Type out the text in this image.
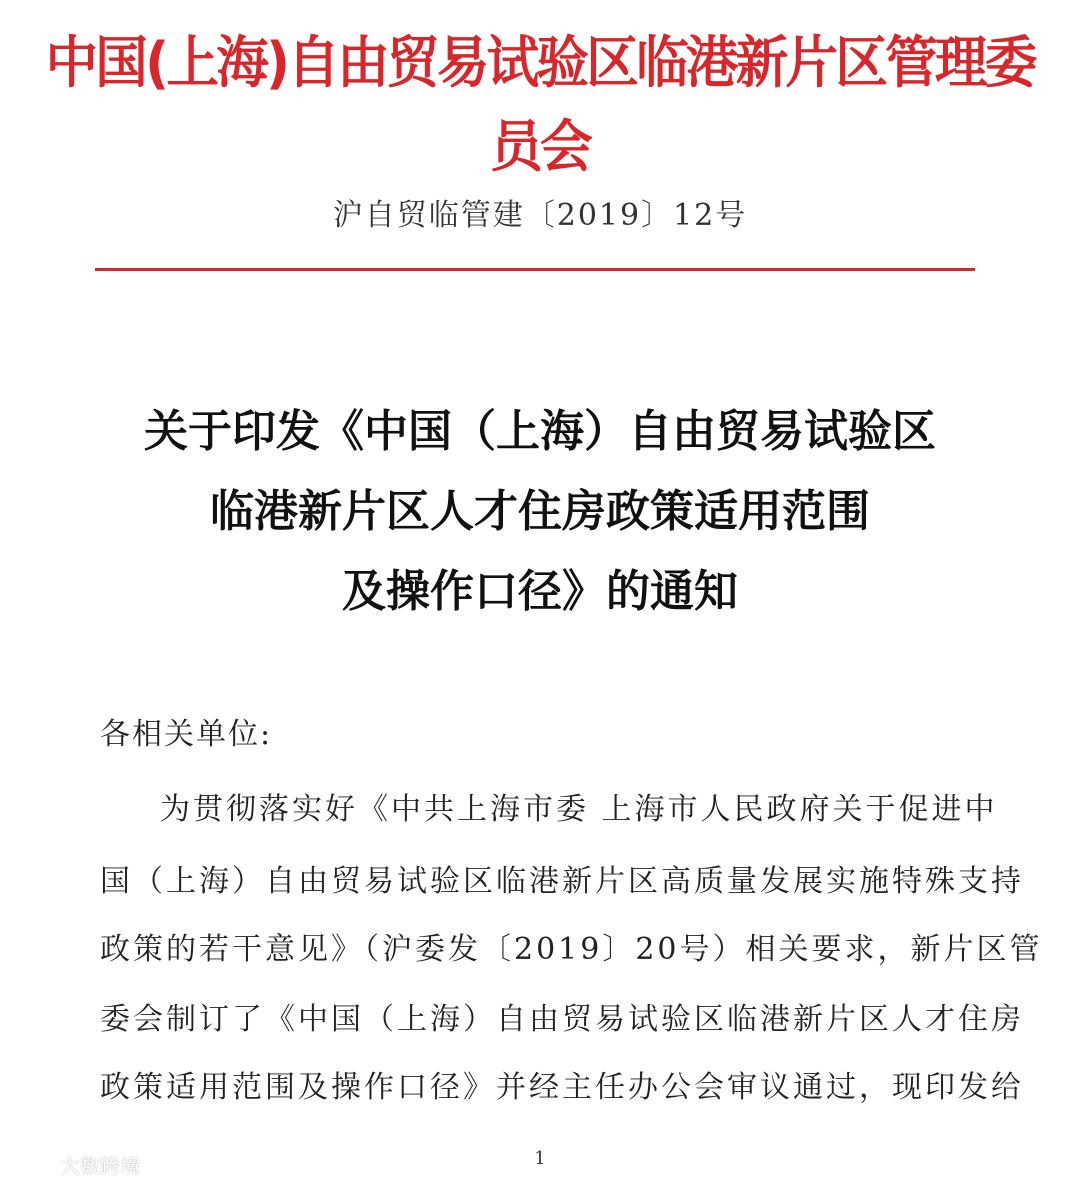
中国(上海)自由贸易试验区临港新片区管理委员会
沪自贸临管建〔2019〕12号
关于印发《中国（上海）自由贸易试验区
临港新片区人才住房政策适用范围
及操作口径》的通知
各相关单位:
为贯彻落实好《中共上海市委 上海市人民政府关于促进中
国（上海）自由贸易试验区临港新片区高质量发展实施特殊支持
政策的若干意见》（沪委发〔2019〕20号）相关要求，新片区管
委会制订了《中国（上海）自由贸易试验区临港新片区人才住房
政策适用范围及操作口径》并经主任办公会审议通过，现印发给
1
大数跨境
